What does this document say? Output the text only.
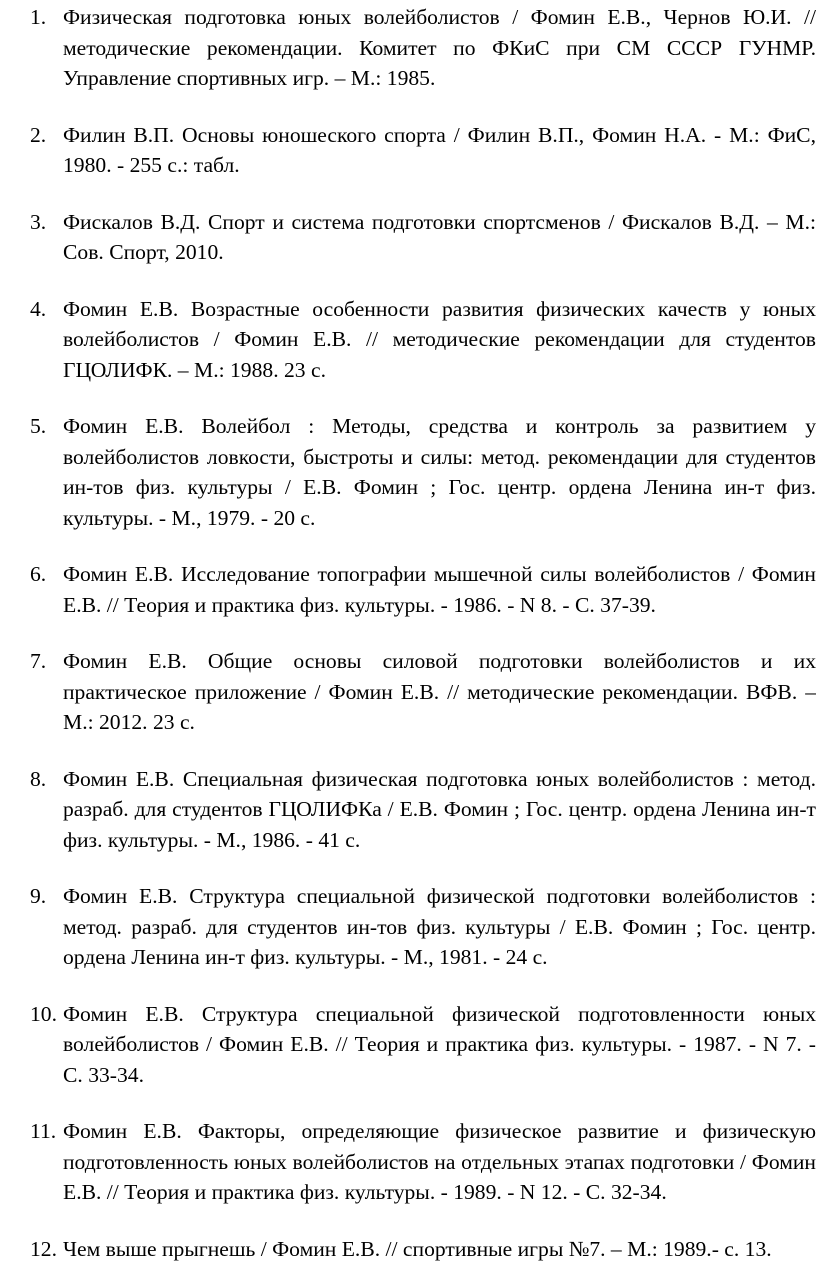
1. Физическая подготовка юных волейболистов / Фомин Е.В., Чернов Ю.И. // методические рекомендации. Комитет по ФКиС при СМ СССР ГУНМР. Управление спортивных игр. – М.: 1985.
2. Филин В.П. Основы юношеского спорта / Филин В.П., Фомин Н.А. - М.: ФиС, 1980. - 255 с.: табл.
3. Фискалов В.Д. Спорт и система подготовки спортсменов / Фискалов В.Д. – М.: Сов. Спорт, 2010.
4. Фомин Е.В. Возрастные особенности развития физических качеств у юных волейболистов / Фомин Е.В. // методические рекомендации для студентов ГЦОЛИФК. – М.: 1988. 23 с.
5. Фомин Е.В. Волейбол : Методы, средства и контроль за развитием у волейболистов ловкости, быстроты и силы: метод. рекомендации для студентов ин-тов физ. культуры / Е.В. Фомин ; Гос. центр. ордена Ленина ин-т физ. культуры. - М., 1979. - 20 с.
6. Фомин Е.В. Исследование топографии мышечной силы волейболистов / Фомин Е.В. // Теория и практика физ. культуры. - 1986. - N 8. - С. 37-39.
7. Фомин Е.В. Общие основы силовой подготовки волейболистов и их практическое приложение / Фомин Е.В. // методические рекомендации. ВФВ. – М.: 2012. 23 с.
8. Фомин Е.В. Специальная физическая подготовка юных волейболистов : метод. разраб. для студентов ГЦОЛИФКа / Е.В. Фомин ; Гос. центр. ордена Ленина ин-т физ. культуры. - М., 1986. - 41 с.
9. Фомин Е.В. Структура специальной физической подготовки волейболистов : метод. разраб. для студентов ин-тов физ. культуры / Е.В. Фомин ; Гос. центр. ордена Ленина ин-т физ. культуры. - М., 1981. - 24 с.
10. Фомин Е.В. Структура специальной физической подготовленности юных волейболистов / Фомин Е.В. // Теория и практика физ. культуры. - 1987. - N 7. - С. 33-34.
11. Фомин Е.В. Факторы, определяющие физическое развитие и физическую подготовленность юных волейболистов на отдельных этапах подготовки / Фомин Е.В. // Теория и практика физ. культуры. - 1989. - N 12. - С. 32-34.
12. Чем выше прыгнешь / Фомин Е.В. // спортивные игры №7. – М.: 1989.- с. 13.
